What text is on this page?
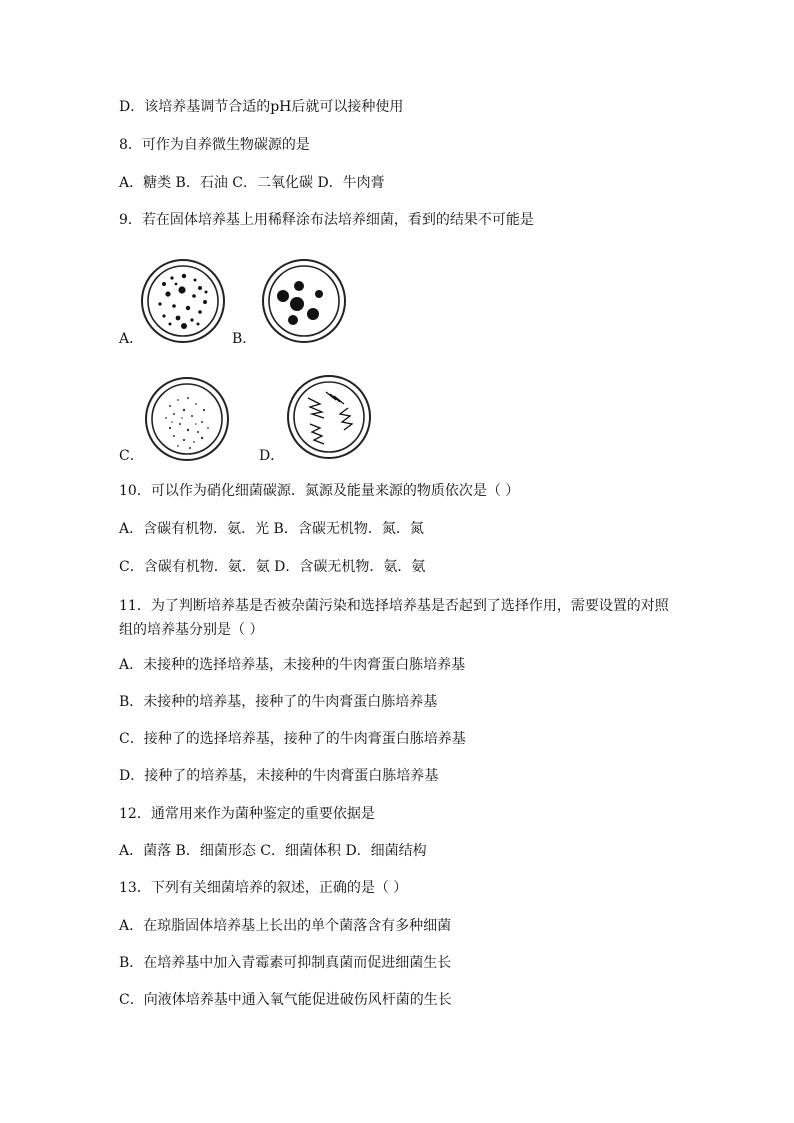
D．该培养基调节合适的pH后就可以接种使用
8．可作为自养微生物碳源的是
A．糖类 B．石油 C．二氧化碳 D．牛肉膏
9．若在固体培养基上用稀释涂布法培养细菌，看到的结果不可能是
A．	B．
C．	D．
10．可以作为硝化细菌碳源．氮源及能量来源的物质依次是（ ）
A．含碳有机物．氨．光 B．含碳无机物．氮．氮
C．含碳有机物．氨．氨 D．含碳无机物．氨．氨
11．为了判断培养基是否被杂菌污染和选择培养基是否起到了选择作用，需要设置的对照组的培养基分别是（ ）
A．未接种的选择培养基，未接种的牛肉膏蛋白胨培养基
B．未接种的培养基，接种了的牛肉膏蛋白胨培养基
C．接种了的选择培养基，接种了的牛肉膏蛋白胨培养基
D．接种了的培养基，未接种的牛肉膏蛋白胨培养基
12．通常用来作为菌种鉴定的重要依据是
A．菌落 B．细菌形态 C．细菌体积 D．细菌结构
13．下列有关细菌培养的叙述，正确的是（ ）
A．在琼脂固体培养基上长出的单个菌落含有多种细菌
B．在培养基中加入青霉素可抑制真菌而促进细菌生长
C．向液体培养基中通入氧气能促进破伤风杆菌的生长
